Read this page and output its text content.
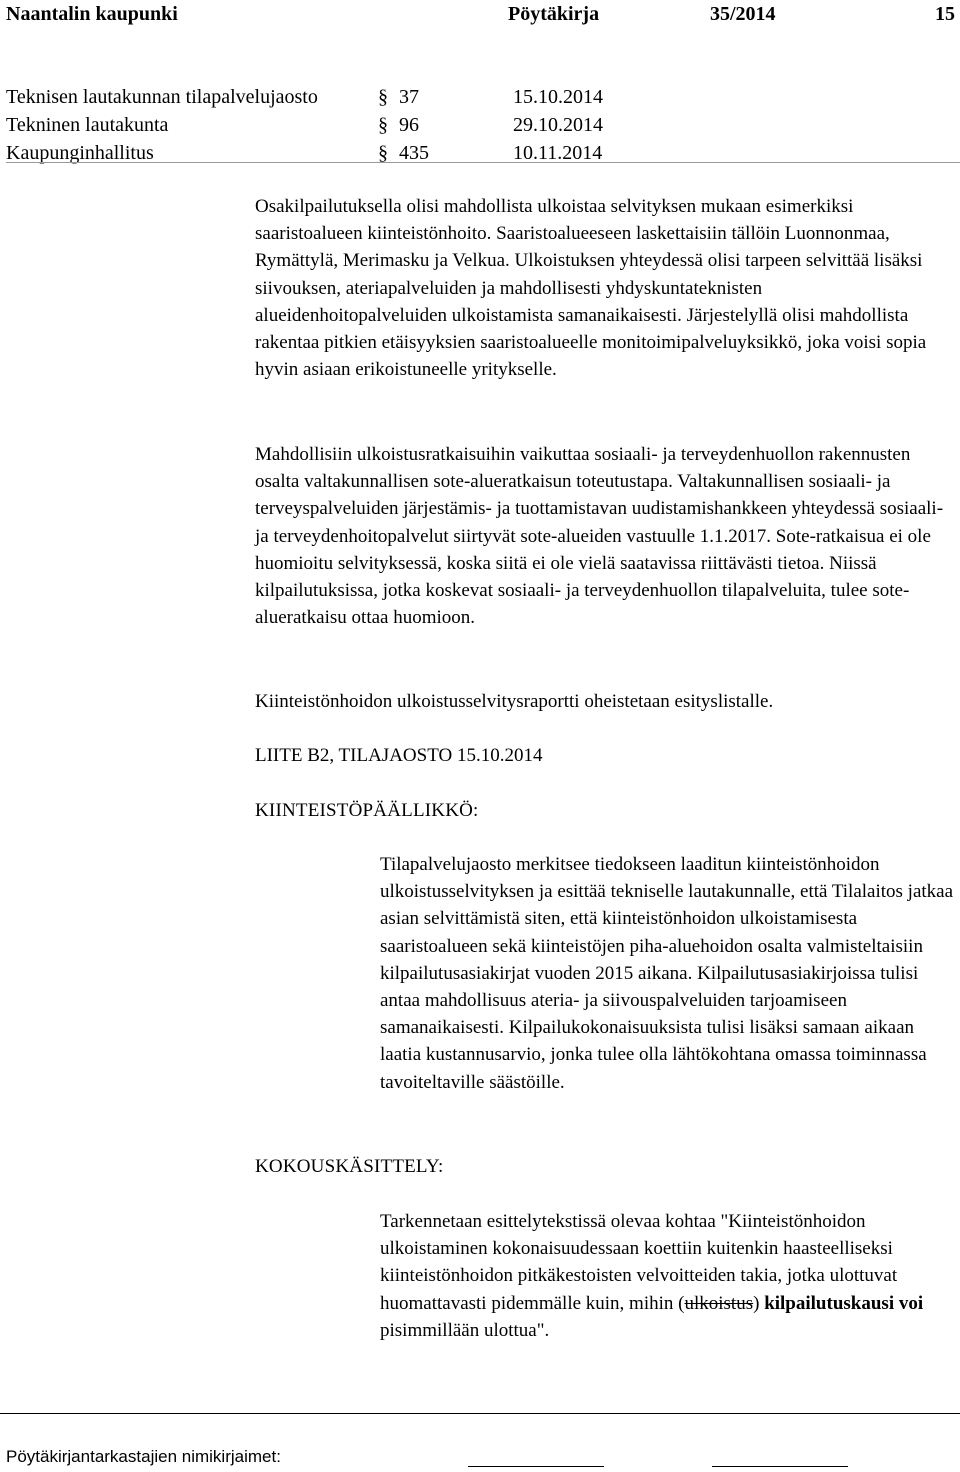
Naantalin kaupunki	Pöytäkirja	35/2014	15
Teknisen lautakunnan tilapalvelujaosto	§ 37	15.10.2014
Tekninen lautakunta	§ 96	29.10.2014
Kaupunginhallitus	§ 435	10.11.2014

Osakilpailutuksella olisi mahdollista ulkoistaa selvityksen mukaan esimerkiksi saaristoalueen kiinteistönhoito. Saaristoalueeseen laskettaisiin tällöin Luonnonmaa, Rymättylä, Merimasku ja Velkua. Ulkoistuksen yhteydessä olisi tarpeen selvittää lisäksi siivouksen, ateriapalveluiden ja mahdollisesti yhdyskuntateknisten alueidenhoitopalveluiden ulkoistamista samanaikaisesti. Järjestelyllä olisi mahdollista rakentaa pitkien etäisyyksien saaristoalueelle monitoimipalveluyksikkö, joka voisi sopia hyvin asiaan erikoistuneelle yritykselle.

Mahdollisiin ulkoistusratkaisuihin vaikuttaa sosiaali- ja terveydenhuollon rakennusten osalta valtakunnallisen sote-alueratkaisun toteutustapa. Valtakunnallisen sosiaali- ja terveyspalveluiden järjestämis- ja tuottamistavan uudistamishankkeen yhteydessä sosiaali- ja terveydenhoitopalvelut siirtyvät sote-alueiden vastuulle 1.1.2017. Sote-ratkaisua ei ole huomioitu selvityksessä, koska siitä ei ole vielä saatavissa riittävästi tietoa. Niissä kilpailutuksissa, jotka koskevat sosiaali- ja terveydenhuollon tilapalveluita, tulee sote-alueratkaisu ottaa huomioon.

Kiinteistönhoidon ulkoistusselvitysraportti oheistetaan esityslistalle.

LIITE B2, TILAJAOSTO 15.10.2014

KIINTEISTÖPÄÄLLIKKÖ:

Tilapalvelujaosto merkitsee tiedokseen laaditun kiinteistönhoidon ulkoistusselvityksen ja esittää tekniselle lautakunnalle, että Tilalaitos jatkaa asian selvittämistä siten, että kiinteistönhoidon ulkoistamisesta saaristoalueen sekä kiinteistöjen piha-aluehoidon osalta valmisteltaisiin kilpailutusasiakirjat vuoden 2015 aikana. Kilpailutusasiakirjoissa tulisi antaa mahdollisuus ateria- ja siivouspalveluiden tarjoamiseen samanaikaisesti. Kilpailukokonaisuuksista tulisi lisäksi samaan aikaan laatia kustannusarvio, jonka tulee olla lähtökohtana omassa toiminnassa tavoiteltaville säästöille.

KOKOUSKÄSITTELY:

Tarkennetaan esittelytekstissä olevaa kohtaa "Kiinteistönhoidon ulkoistaminen kokonaisuudessaan koettiin kuitenkin haasteelliseksi kiinteistönhoidon pitkäkestoisten velvoitteiden takia, jotka ulottuvat huomattavasti pidemmälle kuin, mihin (ulkoistus) kilpailutuskausi voi pisimmillään ulottua".

Pöytäkirjantarkastajien nimikirjaimet:
